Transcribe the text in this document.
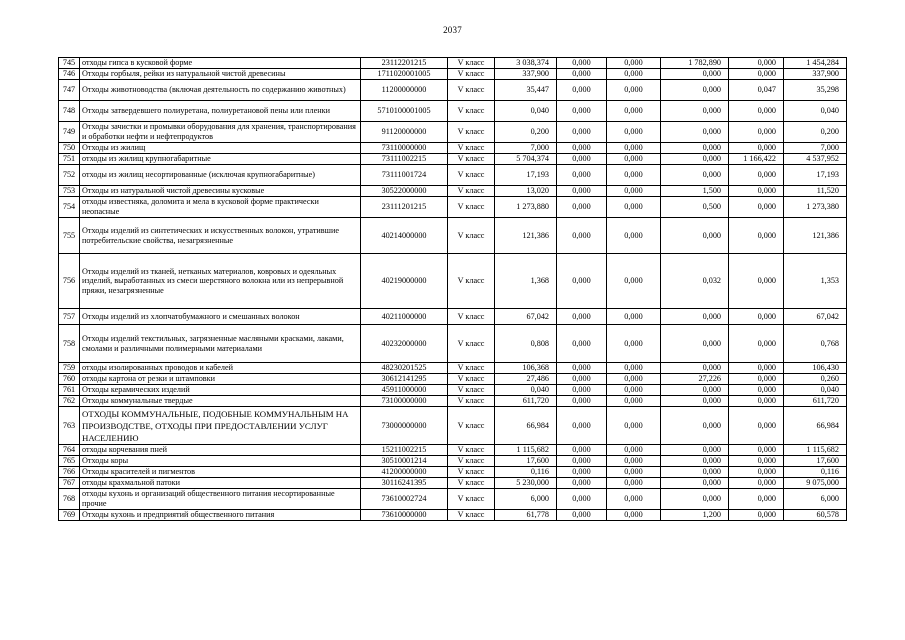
2037
745	отходы гипса в кусковой форме	23112201215	V класс	3 038,374	0,000	0,000	1 782,890	0,000	1 454,284
746	Отходы горбыля, рейки из натуральной чистой древесины	1711020001005	V класс	337,900	0,000	0,000	0,000	0,000	337,900
747	Отходы животноводства (включая деятельность по содержанию животных)	11200000000	V класс	35,447	0,000	0,000	0,000	0,047	35,298
748	Отходы затвердевшего полиуретана, полиуретановой пены или пленки	5710100001005	V класс	0,040	0,000	0,000	0,000	0,000	0,040
749	Отходы зачистки и промывки оборудования для хранения, транспортирования и обработки нефти и нефтепродуктов	91120000000	V класс	0,200	0,000	0,000	0,000	0,000	0,200
750	Отходы из жилищ	73110000000	V класс	7,000	0,000	0,000	0,000	0,000	7,000
751	отходы из жилищ крупногабаритные	73111002215	V класс	5 704,374	0,000	0,000	0,000	1 166,422	4 537,952
752	отходы из жилищ несортированные (исключая крупногабаритные)	73111001724	V класс	17,193	0,000	0,000	0,000	0,000	17,193
753	Отходы из натуральной чистой древесины кусковые	30522000000	V класс	13,020	0,000	0,000	1,500	0,000	11,520
754	отходы известняка, доломита и мела в кусковой форме практически неопасные	23111201215	V класс	1 273,880	0,000	0,000	0,500	0,000	1 273,380
755	Отходы изделий из синтетических и искусственных волокон, утратившие потребительские свойства, незагрязненные	40214000000	V класс	121,386	0,000	0,000	0,000	0,000	121,386
756	Отходы изделий из тканей, нетканых материалов, ковровых и одеяльных изделий, выработанных из смеси шерстяного волокна или из непрерывной пряжи, незагрязненные	40219000000	V класс	1,368	0,000	0,000	0,032	0,000	1,353
757	Отходы изделий из хлопчатобумажного и смешанных волокон	40211000000	V класс	67,042	0,000	0,000	0,000	0,000	67,042
758	Отходы изделий текстильных, загрязненные масляными красками, лаками, смолами и различными полимерными материалами	40232000000	V класс	0,808	0,000	0,000	0,000	0,000	0,768
759	отходы изолированных проводов и кабелей	48230201525	V класс	106,368	0,000	0,000	0,000	0,000	106,430
760	отходы картона от резки и штамповки	30612141295	V класс	27,486	0,000	0,000	27,226	0,000	0,260
761	Отходы керамических изделий	45911000000	V класс	0,040	0,000	0,000	0,000	0,000	0,040
762	Отходы коммунальные твердые	73100000000	V класс	611,720	0,000	0,000	0,000	0,000	611,720
763	ОТХОДЫ КОММУНАЛЬНЫЕ, ПОДОБНЫЕ КОММУНАЛЬНЫМ НА ПРОИЗВОДСТВЕ, ОТХОДЫ ПРИ ПРЕДОСТАВЛЕНИИ УСЛУГ НАСЕЛЕНИЮ	73000000000	V класс	66,984	0,000	0,000	0,000	0,000	66,984
764	отходы корчевания пней	15211002215	V класс	1 115,682	0,000	0,000	0,000	0,000	1 115,682
765	Отходы коры	30510001214	V класс	17,600	0,000	0,000	0,000	0,000	17,600
766	Отходы красителей и пигментов	41200000000	V класс	0,116	0,000	0,000	0,000	0,000	0,116
767	отходы крахмальной патоки	30116241395	V класс	5 230,000	0,000	0,000	0,000	0,000	9 075,000
768	отходы кухонь и организаций общественного питания несортированные прочие	73610002724	V класс	6,000	0,000	0,000	0,000	0,000	6,000
769	Отходы кухонь и предприятий общественного питания	73610000000	V класс	61,778	0,000	0,000	1,200	0,000	60,578
